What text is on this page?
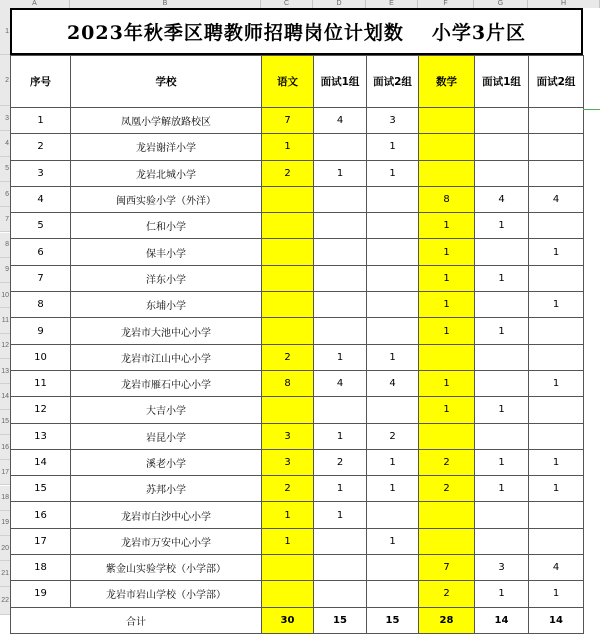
A	B	C	D	E	F	G	H
1
2
3
4
5
6
7
8
9
10
11
12
13
14
15
16
17
18
19
20
21
22
2023年秋季区聘教师招聘岗位计划数 小学3片区
序号	学校	语文	面试1组	面试2组	数学	面试1组	面试2组
1	凤凰小学解放路校区	7	4	3			
2	龙岩谢洋小学	1		1			
3	龙岩北城小学	2	1	1			
4	闽西实验小学（外洋）				8	4	4
5	仁和小学				1	1	
6	保丰小学				1		1
7	洋东小学				1	1	
8	东埔小学				1		1
9	龙岩市大池中心小学				1	1	
10	龙岩市江山中心小学	2	1	1			
11	龙岩市雁石中心小学	8	4	4	1		1
12	大吉小学				1	1	
13	岩昆小学	3	1	2			
14	溪老小学	3	2	1	2	1	1
15	苏邦小学	2	1	1	2	1	1
16	龙岩市白沙中心小学	1	1				
17	龙岩市万安中心小学	1		1			
18	紫金山实验学校（小学部）				7	3	4
19	龙岩市岩山学校（小学部）				2	1	1
合计		30	15	15	28	14	14
